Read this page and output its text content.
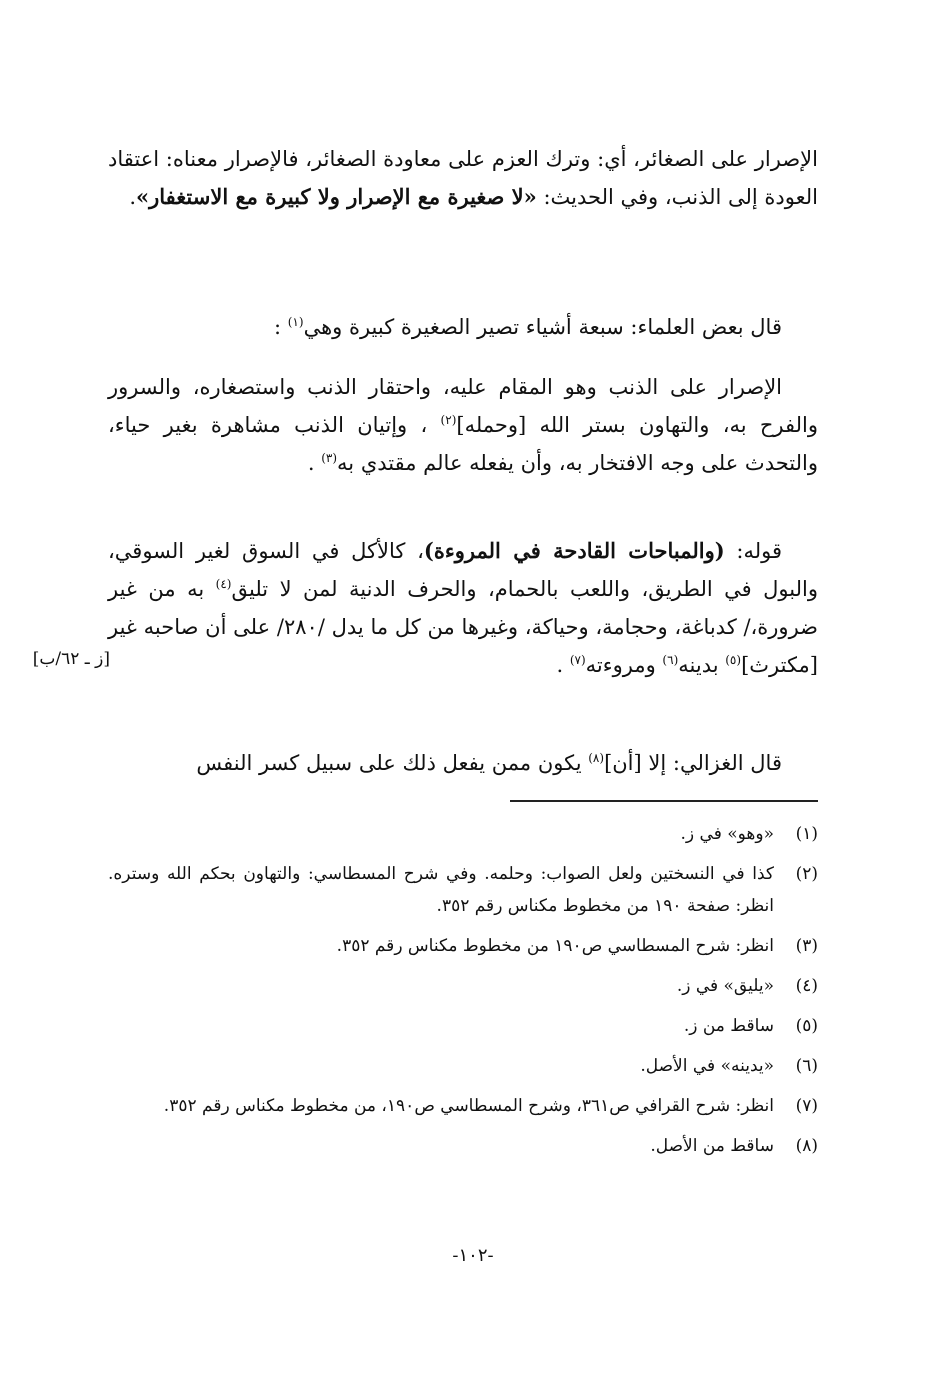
الإصرار على الصغائر، أي: وترك العزم على معاودة الصغائر، فالإصرار معناه: اعتقاد العودة إلى الذنب، وفي الحديث: «لا صغيرة مع الإصرار ولا كبيرة مع الاستغفار».

قال بعض العلماء: سبعة أشياء تصير الصغيرة كبيرة وهي$^{(١)}$ :

الإصرار على الذنب وهو المقام عليه، واحتقار الذنب واستصغاره، والسرور والفرح به، والتهاون بستر الله [وحمله]$^{(٢)}$ ، وإتيان الذنب مشاهرة بغير حياء، والتحدث على وجه الافتخار به، وأن يفعله عالم مقتدي به$^{(٣)}$ .

قوله: (والمباحات القادحة في المروءة)، كالأكل في السوق لغير السوقي، والبول في الطريق، واللعب بالحمام، والحرف الدنية لمن لا تليق$^{(٤)}$ به من غير ضرورة،/ كدباغة، وحجامة، وحياكة، وغيرها من كل ما يدل /٢٨٠/ على أن صاحبه غير [مكترث]$^{(٥)}$ بدينه$^{(٦)}$ ومروءته$^{(٧)}$ .

[ز ـ ٦٢/ب]

قال الغزالي: إلا [أن]$^{(٨)}$ يكون ممن يفعل ذلك على سبيل كسر النفس

(١)
«وهو» في ز.
(٢)
كذا في النسختين ولعل الصواب: وحلمه. وفي شرح المسطاسي: والتهاون بحكم الله وستره. انظر: صفحة ١٩٠ من مخطوط مكناس رقم ٣٥٢.
(٣)
انظر: شرح المسطاسي ص١٩٠ من مخطوط مكناس رقم ٣٥٢.
(٤)
«يليق» في ز.
(٥)
ساقط من ز.
(٦)
«يدينه» في الأصل.
(٧)
انظر: شرح القرافي ص٣٦١، وشرح المسطاسي ص١٩٠، من مخطوط مكناس رقم ٣٥٢.
(٨)
ساقط من الأصل.
-١٠٢-
